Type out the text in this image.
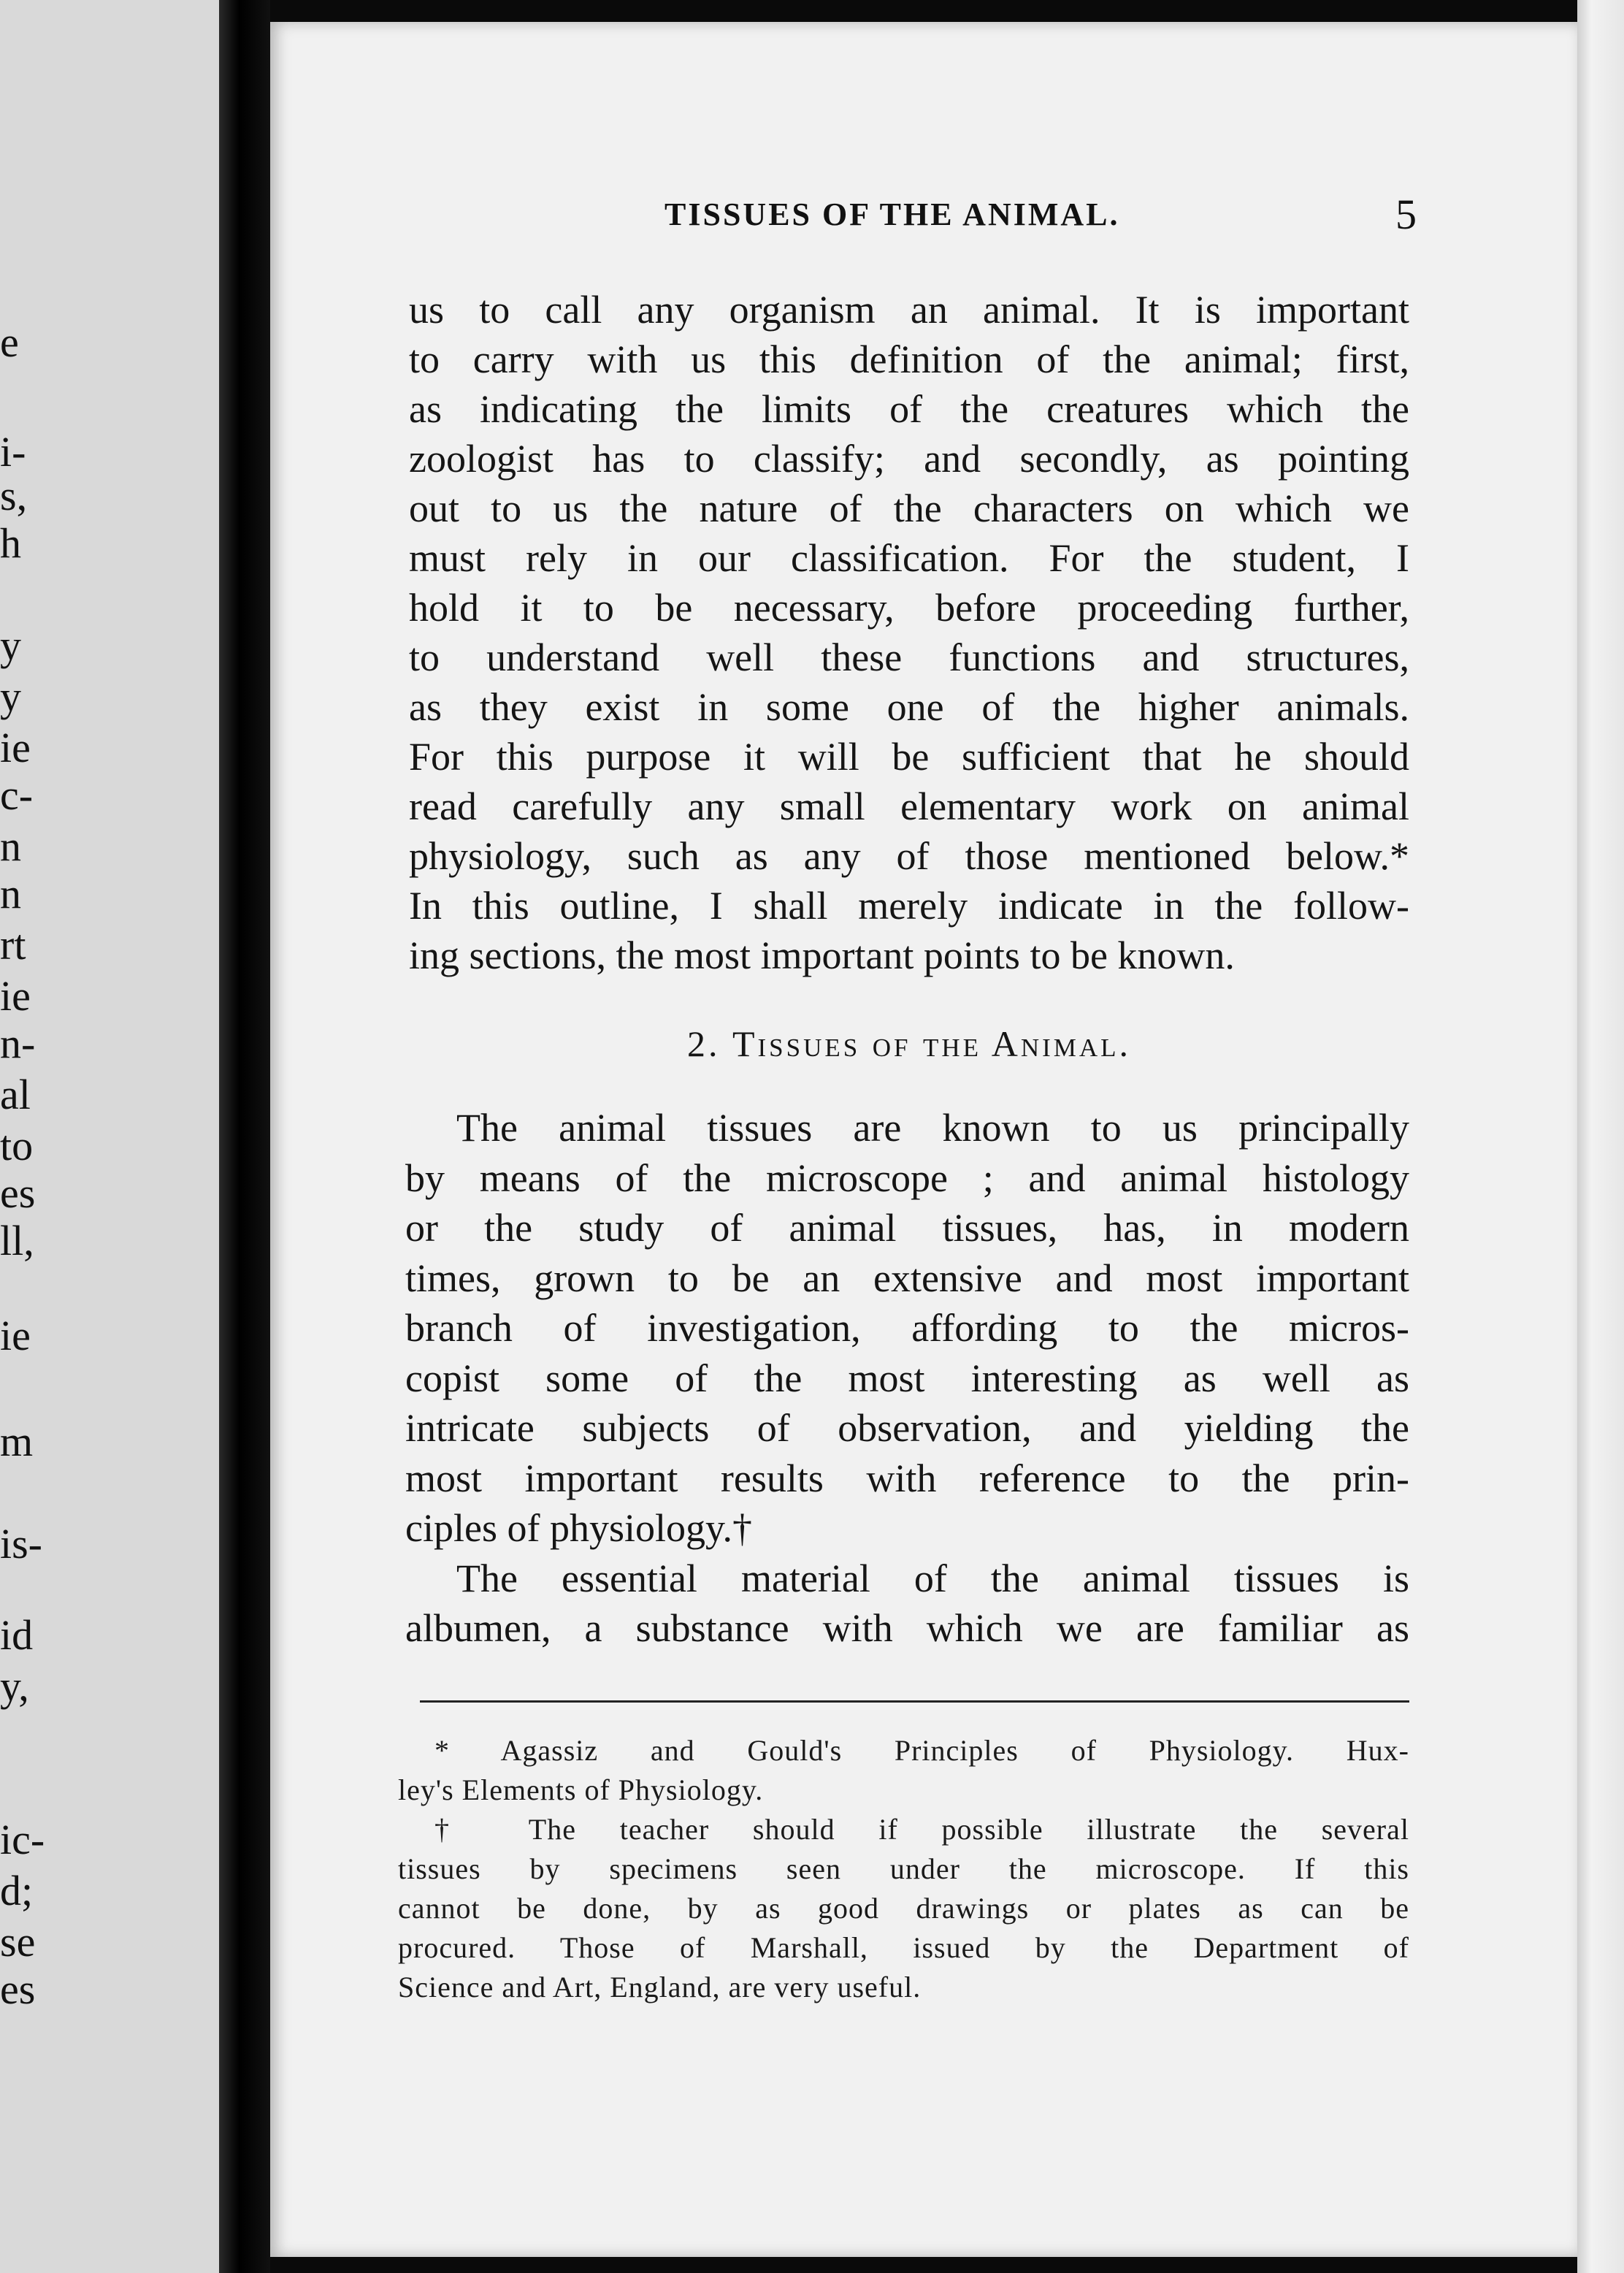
e
i-
s,
h
y
y
ie
c-
n
n
rt
ie
n-
al
to
es
ll,
ie
m
is-
id
y,
ic-
d;
se
es
TISSUES OF THE ANIMAL.	5
us to call any organism an animal. It is important
to carry with us this definition of the animal; first,
as indicating the limits of the creatures which the
zoologist has to classify; and secondly, as pointing
out to us the nature of the characters on which we
must rely in our classification. For the student, I
hold it to be necessary, before proceeding further,
to understand well these functions and structures,
as they exist in some one of the higher animals.
For this purpose it will be sufficient that he should
read carefully any small elementary work on animal
physiology, such as any of those mentioned below.*
In this outline, I shall merely indicate in the follow-
ing sections, the most important points to be known.
2. Tissues of the Animal.
The animal tissues are known to us principally
by means of the microscope ; and animal histology
or the study of animal tissues, has, in modern
times, grown to be an extensive and most important
branch of investigation, affording to the micros-
copist some of the most interesting as well as
intricate subjects of observation, and yielding the
most important results with reference to the prin-
ciples of physiology.†
The essential material of the animal tissues is
albumen, a substance with which we are familiar as
* Agassiz and Gould's Principles of Physiology. Hux-
ley's Elements of Physiology.
† The teacher should if possible illustrate the several
tissues by specimens seen under the microscope. If this
cannot be done, by as good drawings or plates as can be
procured. Those of Marshall, issued by the Department of
Science and Art, England, are very useful.
